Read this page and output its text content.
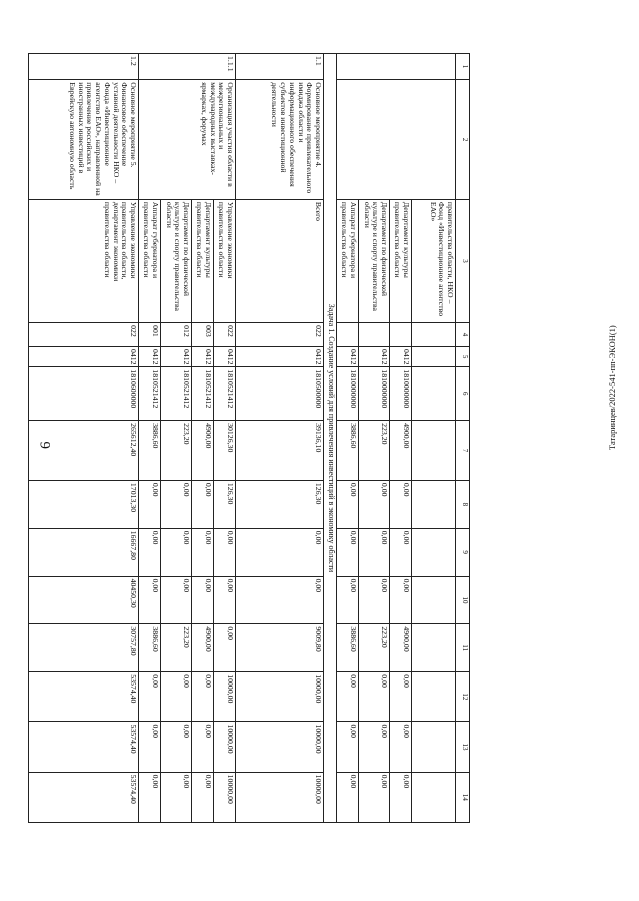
6	Татаринцев/2022-541-пп-ЭКОН(1)
1	2	3	4	5	6	7	8	9	10	11	12	13	14
		правительства области, НКО – Фонд «Инвестиционное агентство ЕАО»											
		Департамент культуры правительства области		0412	1810000000	4900,00	0,00	0,00	0,00	4900,00	0,00	0,00	0,00
		Департамент по физической культуре и спорту правительства области		0412	1810000000	223,20	0,00	0,00	0,00	223,20	0,00	0,00	0,00
		Аппарат губернатора и правительства области		0412	1810000000	3886,60	0,00	0,00	0,00	3886,60	0,00	0,00	0,00
Задача 1. Создание условий для привлечения инвестиций в экономику области													
1.1	Основное мероприятие 4. Формирование привлекательного имиджа области и информационного обеспечения субъектов инвестиционной деятельности	Всего	022	0412	1810500000	39136,10	126,30	0,00	0,00	9009,80	10000,00	10000,00	10000,00
1.1.1	Организация участия области в межрегиональных и международных выставках-ярмарках, форумах	Управление экономики правительства области	022	0412	1810521412	30126,30	126,30	0,00	0,00	0,00	10000,00	10000,00	10000,00
		Департамент культуры правительства области	003	0412	1810521412	4900,00	0,00	0,00	0,00	4900,00	0,00	0,00	0,00
		Департамент по физической культуре и спорту правительства области	012	0412	1810521412	223,20	0,00	0,00	0,00	223,20	0,00	0,00	0,00
		Аппарат губернатора и правительства области	001	0412	1810521412	3886,60	0,00	0,00	0,00	3886,60	0,00	0,00	0,00
1.2	Основное мероприятие 5. Финансовое обеспечение уставной деятельности НКО – Фонда «Инвестиционное агентство ЕАО», направленной на привлечение российских и иностранных инвестиций в Еврейскую автономную область	Управление экономики правительства области, департамент экономики правительства области	022	0412	1810600000	265612,40	17013,30	16667,80	40450,30	30757,80	53574,40	53574,40	53574,40
